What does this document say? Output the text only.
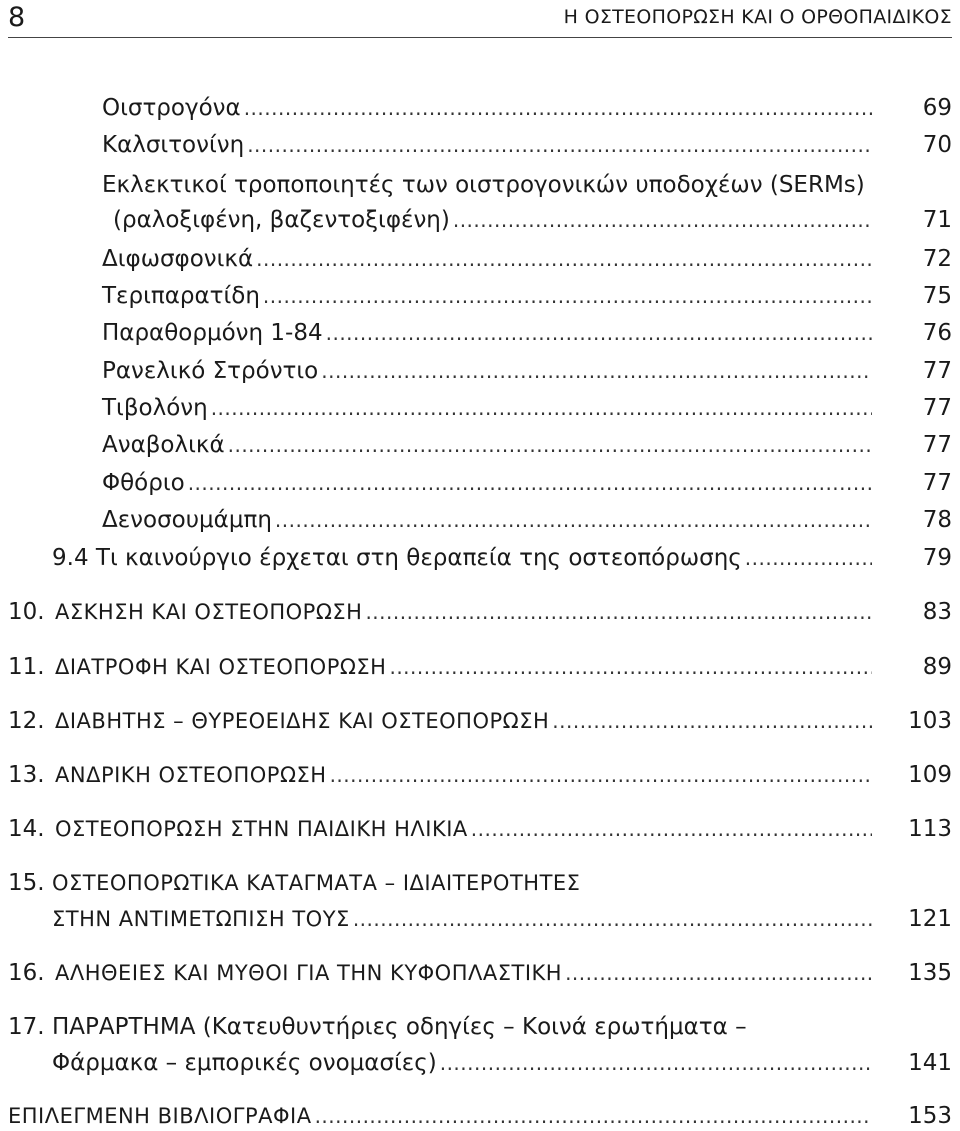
8	Η ΟΣΤΕΟΠΟΡΩΣΗ ΚΑΙ Ο ΟΡΘΟΠΑΙΔΙΚΟΣ
Οιστρογόνα .....	69
Καλσιτονίνη .....	70
Εκλεκτικοί τροποποιητές των οιστρογονικών υποδοχέων (SERMs)
(ραλοξιφένη, βαζεντοξιφένη) .....	71
Διφωσφονικά .....	72
Τεριπαρατίδη .....	75
Παραθορμόνη 1-84 .....	76
Ρανελικό Στρόντιο .....	77
Τιβολόνη .....	77
Αναβολικά .....	77
Φθόριο .....	77
Δενοσουμάμπη .....	78
9.4 Τι καινούργιο έρχεται στη θεραπεία της οστεοπόρωσης .....	79
10. ΑΣΚΗΣΗ ΚΑΙ ΟΣΤΕΟΠΟΡΩΣΗ .....	83
11. ΔΙΑΤΡΟΦΗ ΚΑΙ ΟΣΤΕΟΠΟΡΩΣΗ .....	89
12. ΔΙΑΒΗΤΗΣ – ΘΥΡΕΟΕΙΔΗΣ ΚΑΙ ΟΣΤΕΟΠΟΡΩΣΗ .....	103
13. ΑΝΔΡΙΚΗ ΟΣΤΕΟΠΟΡΩΣΗ .....	109
14. ΟΣΤΕΟΠΟΡΩΣΗ ΣΤΗΝ ΠΑΙΔΙΚΗ ΗΛΙΚΙΑ .....	113
15. ΟΣΤΕΟΠΟΡΩΤΙΚΑ ΚΑΤΑΓΜΑΤΑ – ΙΔΙΑΙΤΕΡΟΤΗΤΕΣ
ΣΤΗΝ ΑΝΤΙΜΕΤΩΠΙΣΗ ΤΟΥΣ .....	121
16. ΑΛΗΘΕΙΕΣ ΚΑΙ ΜΥΘΟΙ ΓΙΑ ΤΗΝ ΚΥΦΟΠΛΑΣΤΙΚΗ .....	135
17. ΠΑΡΑΡΤΗΜΑ (Κατευθυντήριες οδηγίες – Κοινά ερωτήματα –
Φάρμακα – εμπορικές ονομασίες) .....	141
ΕΠΙΛΕΓΜΕΝΗ ΒΙΒΛΙΟΓΡΑΦΙΑ .....	153
